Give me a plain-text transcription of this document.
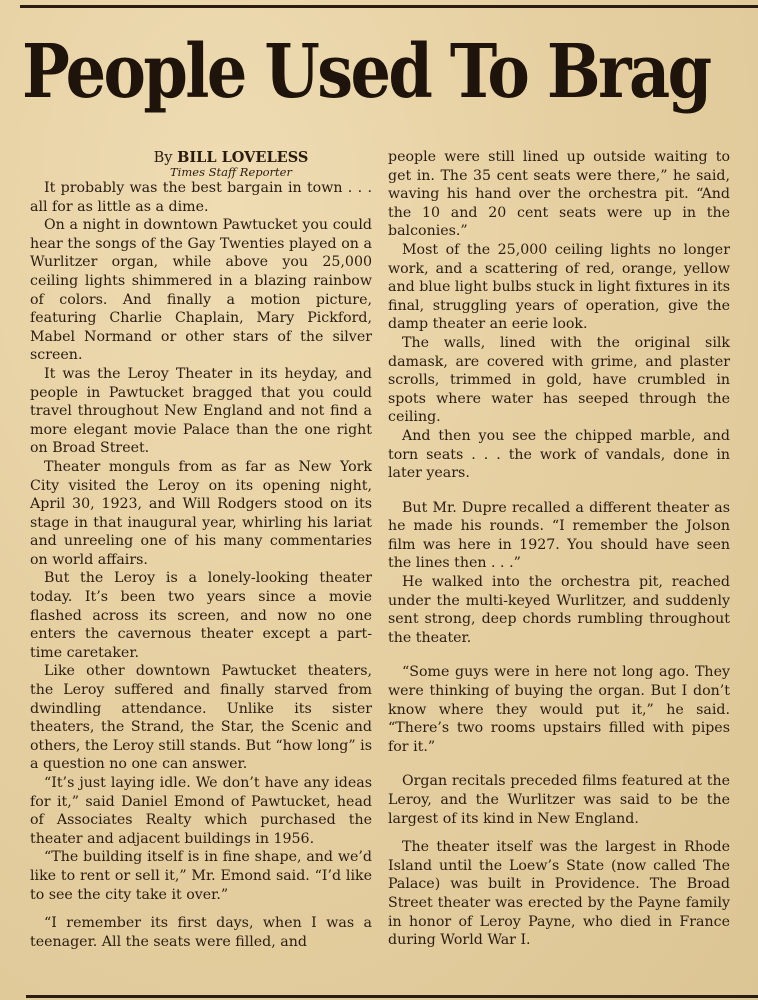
People Used To Brag
By BILL LOVELESS
Times Staff Reporter

It probably was the best bargain in town . . . all for as little as a dime.

On a night in downtown Pawtucket you could hear the songs of the Gay Twenties played on a Wurlitzer organ, while above you 25,000 ceiling lights shimmered in a blazing rainbow of colors. And finally a motion picture, featuring Charlie Chaplain, Mary Pickford, Mabel Normand or other stars of the silver screen.

It was the Leroy Theater in its heyday, and people in Pawtucket bragged that you could travel throughout New England and not find a more elegant movie Palace than the one right on Broad Street.

Theater monguls from as far as New York City visited the Leroy on its opening night, April 30, 1923, and Will Rodgers stood on its stage in that inaugural year, whirling his lariat and unreeling one of his many commentaries on world affairs.

But the Leroy is a lonely-looking theater today. It’s been two years since a movie flashed across its screen, and now no one enters the cavernous theater except a part-time caretaker.

Like other downtown Pawtucket theaters, the Leroy suffered and finally starved from dwindling attendance. Unlike its sister theaters, the Strand, the Star, the Scenic and others, the Leroy still stands. But “how long” is a question no one can answer.

“It’s just laying idle. We don’t have any ideas for it,” said Daniel Emond of Pawtucket, head of Associates Realty which purchased the theater and adjacent buildings in 1956.

“The building itself is in fine shape, and we’d like to rent or sell it,” Mr. Emond said. “I’d like to see the city take it over.”

“I remember its first days, when I was a teenager. All the seats were filled, and

people were still lined up outside waiting to get in. The 35 cent seats were there,” he said, waving his hand over the orchestra pit. “And the 10 and 20 cent seats were up in the balconies.”

Most of the 25,000 ceiling lights no longer work, and a scattering of red, orange, yellow and blue light bulbs stuck in light fixtures in its final, struggling years of operation, give the damp theater an eerie look.

The walls, lined with the original silk damask, are covered with grime, and plaster scrolls, trimmed in gold, have crumbled in spots where water has seeped through the ceiling.

And then you see the chipped marble, and torn seats . . . the work of vandals, done in later years.

But Mr. Dupre recalled a different theater as he made his rounds. “I remember the Jolson film was here in 1927. You should have seen the lines then . . .”

He walked into the orchestra pit, reached under the multi-keyed Wurlitzer, and suddenly sent strong, deep chords rumbling throughout the theater.

“Some guys were in here not long ago. They were thinking of buying the organ. But I don’t know where they would put it,” he said. “There’s two rooms upstairs filled with pipes for it.”

Organ recitals preceded films featured at the Leroy, and the Wurlitzer was said to be the largest of its kind in New England.

The theater itself was the largest in Rhode Island until the Loew’s State (now called The Palace) was built in Providence. The Broad Street theater was erected by the Payne family in honor of Leroy Payne, who died in France during World War I.
